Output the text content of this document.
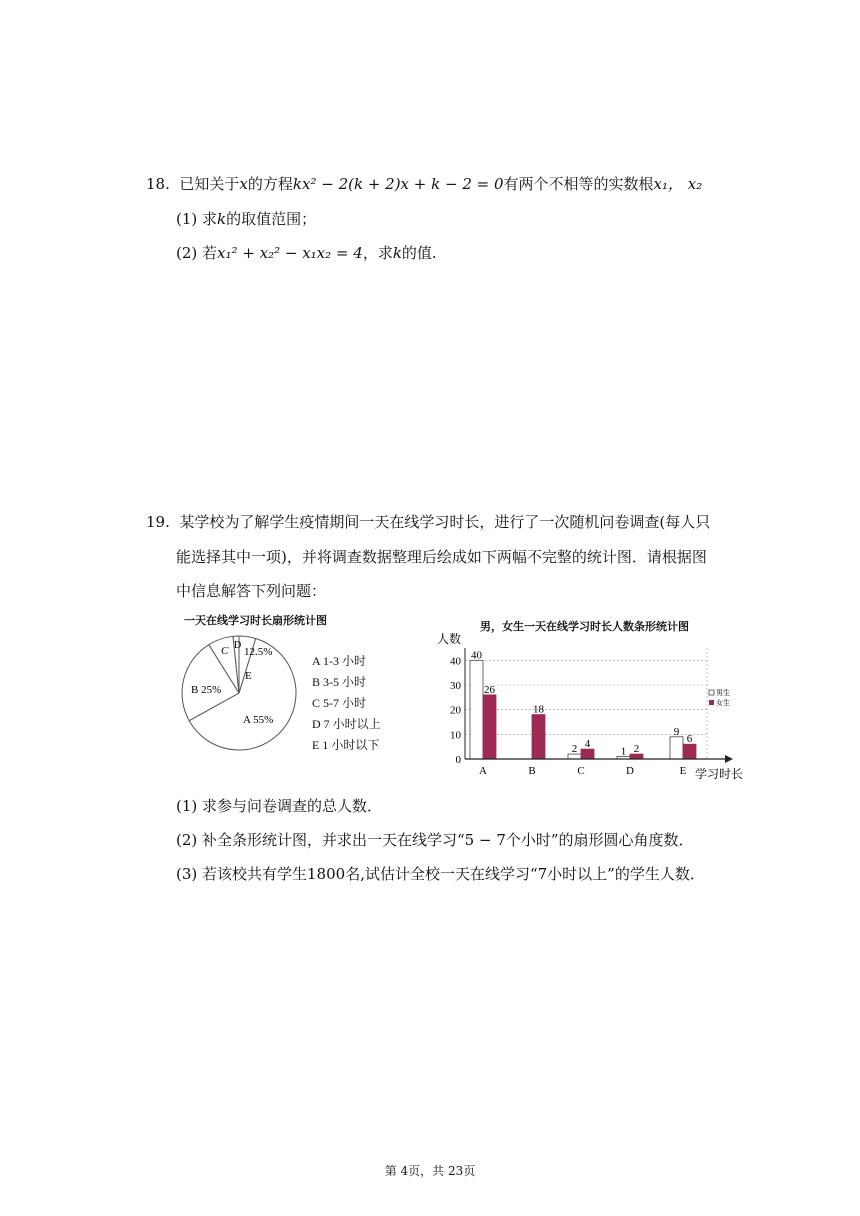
18. 已知关于x的方程kx² − 2(k + 2)x + k − 2 = 0有两个不相等的实数根x₁， x₂
(1) 求k的取值范围；
(2) 若x₁² + x₂² − x₁x₂ = 4，求k的值.
19. 某学校为了解学生疫情期间一天在线学习时长，进行了一次随机问卷调查(每人只
能选择其中一项)，并将调查数据整理后绘成如下两幅不完整的统计图．请根据图
中信息解答下列问题：
一天在线学习时长扇形统计图
C D
12.5%
E
B 25%
A 55%
A 1-3 小时
B 3-5 小时
C 5-7 小时
D 7 小时以上
E 1 小时以下
男，女生一天在线学习时长人数条形统计图
人数
0
10
20
30
40 40
26
18
2 4
1 2
9
6
A	B	C	D	E 学习时长
男生
女生
(1) 求参与问卷调查的总人数．
(2) 补全条形统计图，并求出一天在线学习“5 − 7个小时”的扇形圆心角度数．
(3) 若该校共有学生1800名,试估计全校一天在线学习“7小时以上”的学生人数．
第 4页，共 23页
